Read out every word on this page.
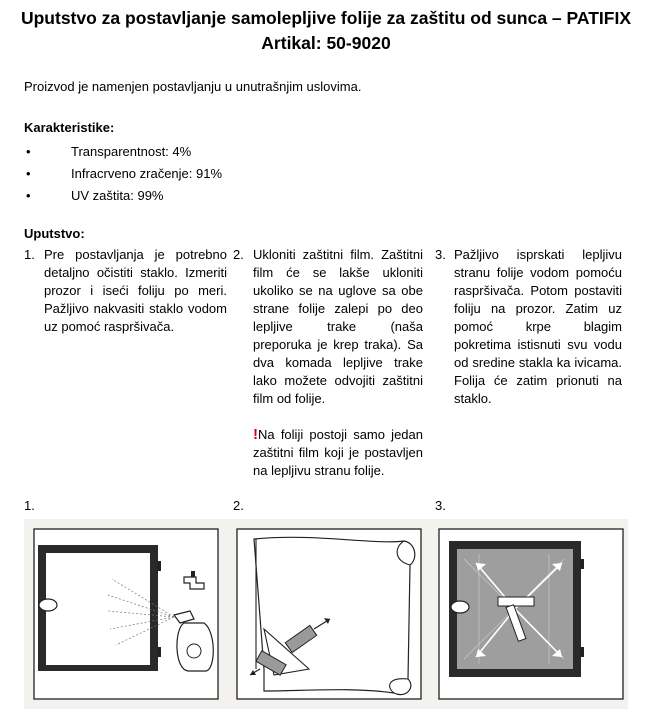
Uputstvo za postavljanje samolepljive folije za zaštitu od sunca – PATIFIX
Artikal: 50-9020
Proizvod je namenjen postavljanju u unutrašnjim uslovima.
Karakteristike:
•	Transparentnost: 4%
•	Infracrveno zračenje: 91%
•	UV zaštita: 99%
Uputstvo:
1. Pre postavljanja je potrebno detaljno očistiti staklo. Izmeriti prozor i iseći foliju po meri. Pažljivo nakvasiti staklo vodom uz pomoć raspršivača.
2. Ukloniti zaštitni film. Zaštitni film će se lakše ukloniti ukoliko se na uglove sa obe strane folije zalepi po deo lepljive trake (naša preporuka je krep traka). Sa dva komada lepljive trake lako možete odvojiti zaštitni film od folije.
!Na foliji postoji samo jedan zaštitni film koji je postavljen na lepljivu stranu folije.
3. Pažljivo isprskati lepljivu stranu folije vodom pomoću raspršivača. Potom postaviti foliju na prozor. Zatim uz pomoć krpe blagim pokretima istisnuti svu vodu od sredine stakla ka ivicama. Folija će zatim prionuti na staklo.
1.	2.	3.
